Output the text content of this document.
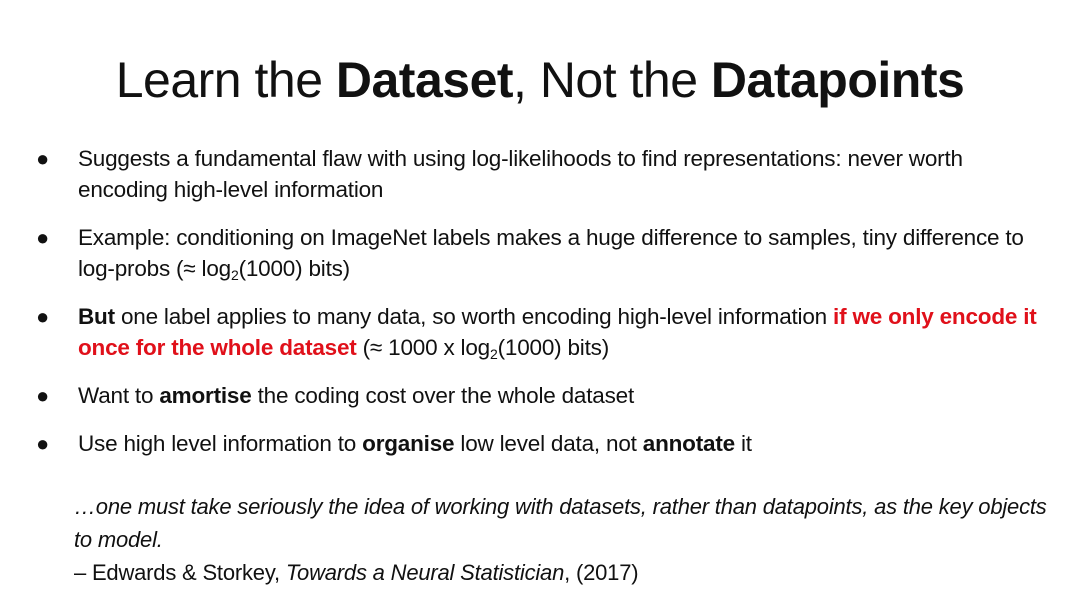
Learn the Dataset, Not the Datapoints
● Suggests a fundamental flaw with using log-likelihoods to find representations: never worth encoding high-level information
● Example: conditioning on ImageNet labels makes a huge difference to samples, tiny difference to log-probs (≈ $\log_2(1000)$ bits)
● But one label applies to many data, so worth encoding high-level information if we only encode it once for the whole dataset (≈ 1000 x $\log_2(1000)$ bits)
● Want to amortise the coding cost over the whole dataset
● Use high level information to organise low level data, not annotate it
…one must take seriously the idea of working with datasets, rather than datapoints, as the key objects to model.
– Edwards & Storkey, Towards a Neural Statistician, (2017)
